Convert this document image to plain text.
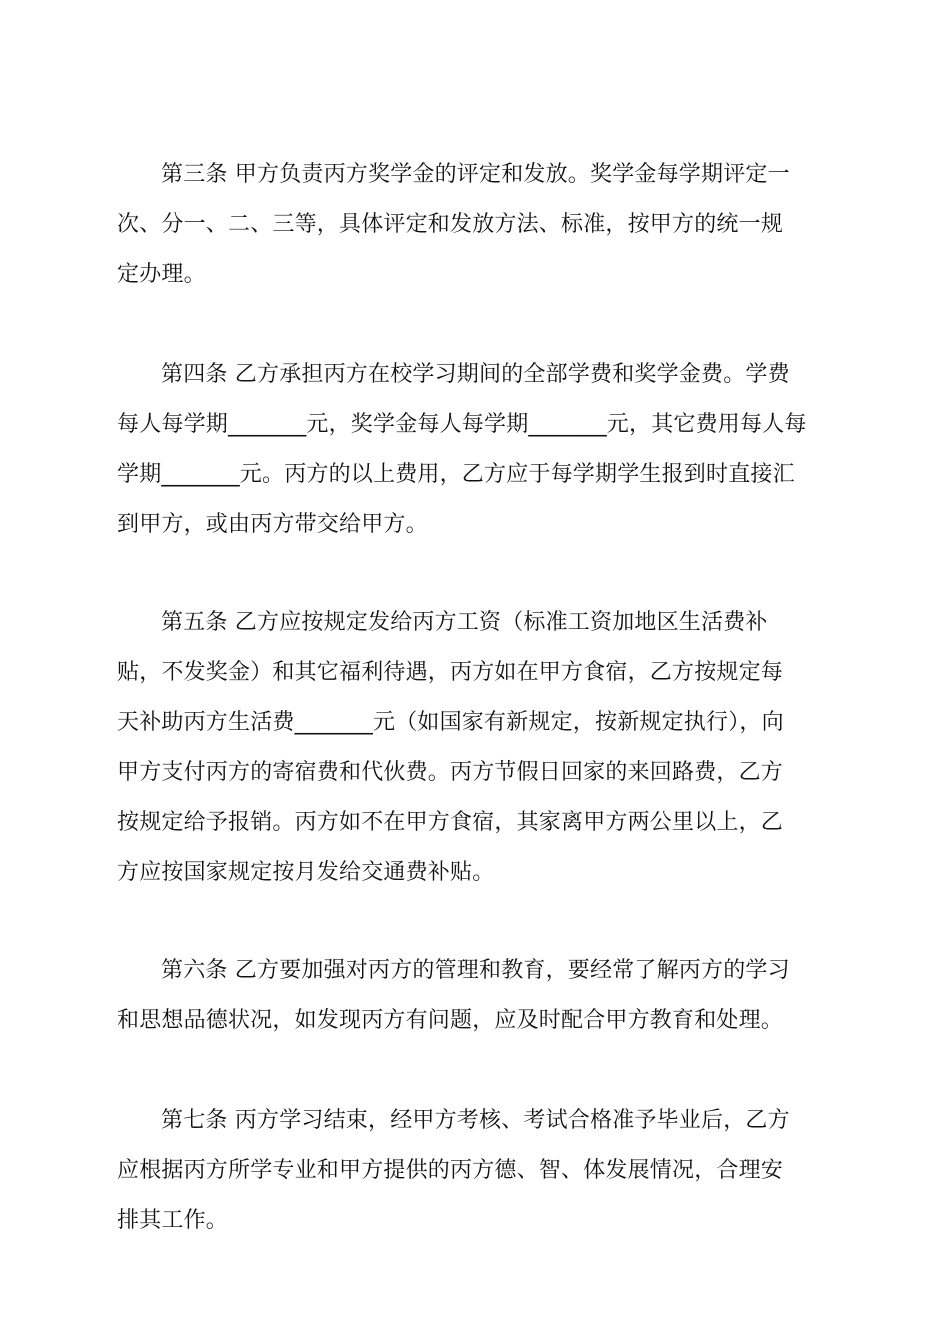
第三条 甲方负责丙方奖学金的评定和发放。奖学金每学期评定一
次、分一、二、三等，具体评定和发放方法、标准，按甲方的统一规
定办理。
第四条 乙方承担丙方在校学习期间的全部学费和奖学金费。学费
每人每学期_______元，奖学金每人每学期_______元，其它费用每人每
学期_______元。丙方的以上费用，乙方应于每学期学生报到时直接汇
到甲方，或由丙方带交给甲方。
第五条 乙方应按规定发给丙方工资（标准工资加地区生活费补
贴，不发奖金）和其它福利待遇，丙方如在甲方食宿，乙方按规定每
天补助丙方生活费_______元（如国家有新规定，按新规定执行），向
甲方支付丙方的寄宿费和代伙费。丙方节假日回家的来回路费，乙方
按规定给予报销。丙方如不在甲方食宿，其家离甲方两公里以上，乙
方应按国家规定按月发给交通费补贴。
第六条 乙方要加强对丙方的管理和教育，要经常了解丙方的学习
和思想品德状况，如发现丙方有问题，应及时配合甲方教育和处理。
第七条 丙方学习结束，经甲方考核、考试合格准予毕业后，乙方
应根据丙方所学专业和甲方提供的丙方德、智、体发展情况，合理安
排其工作。
